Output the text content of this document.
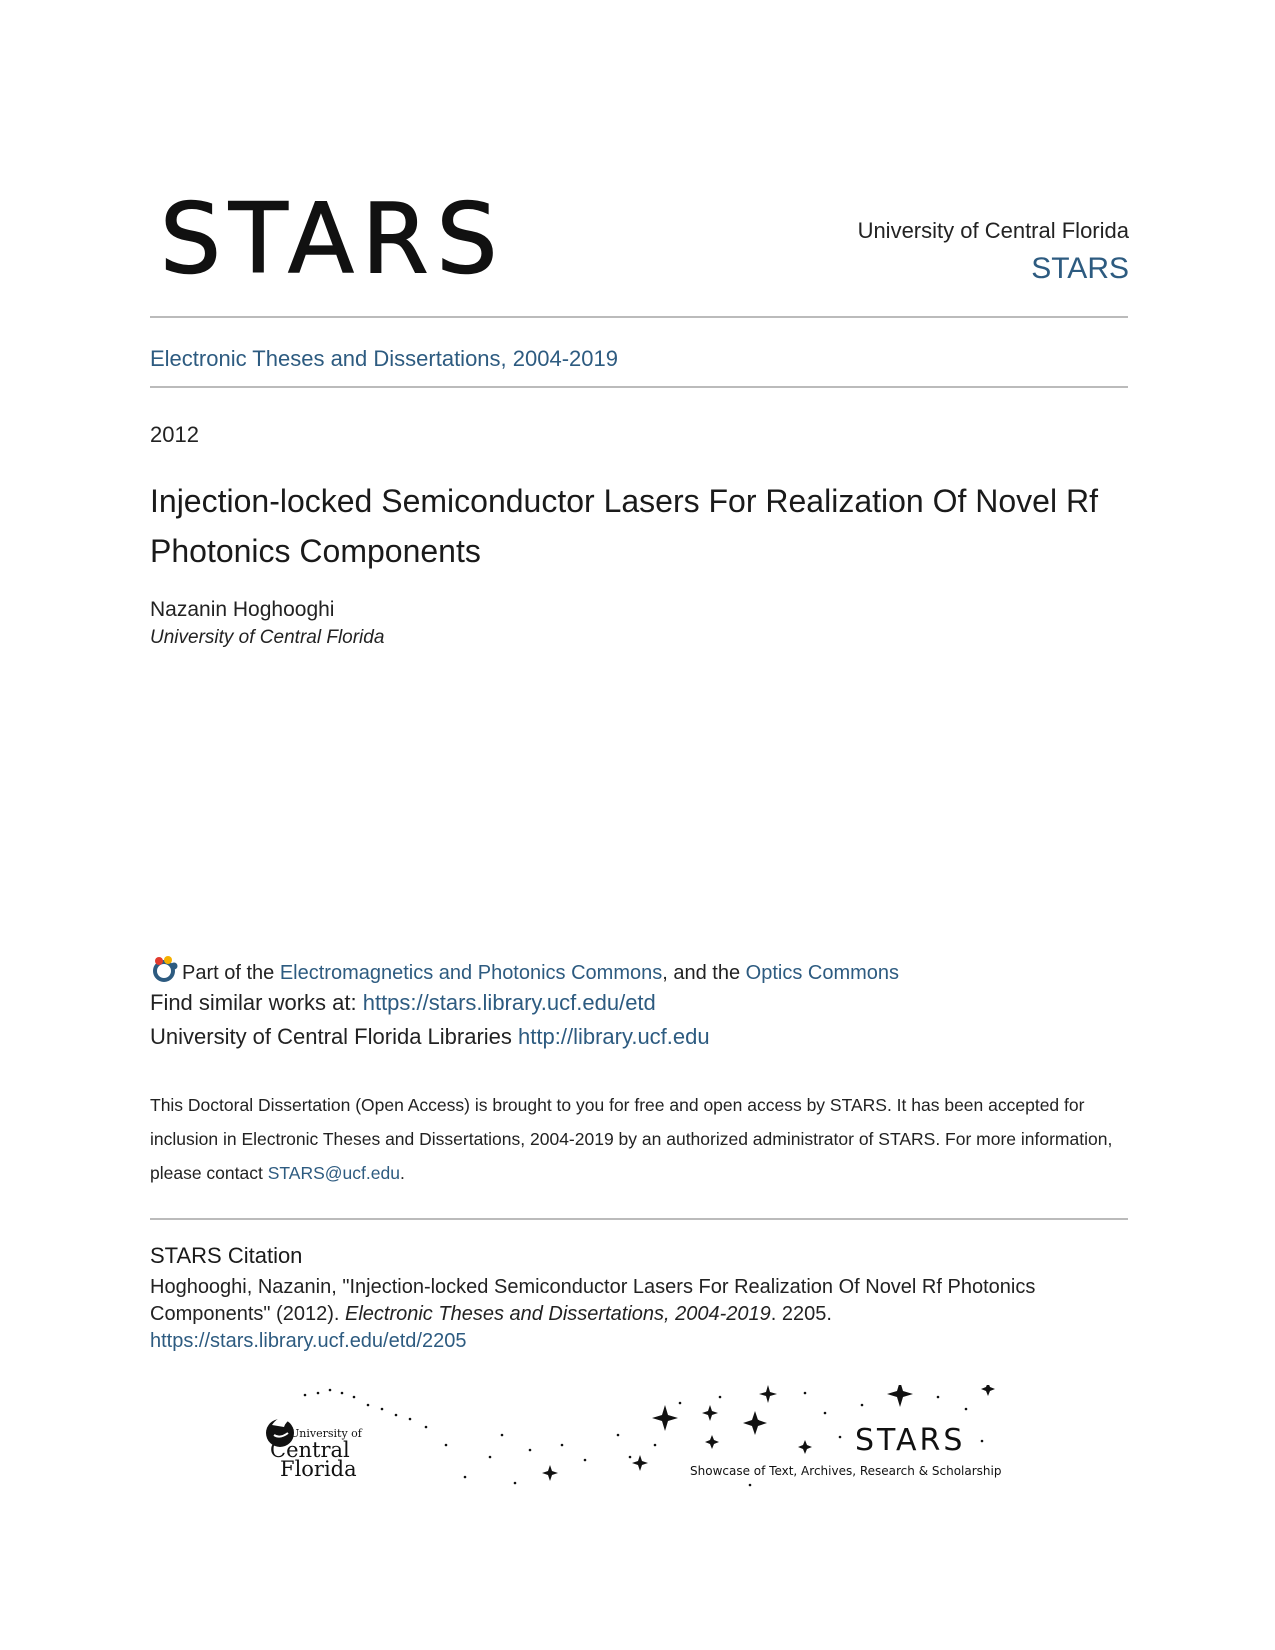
STARS	University of Central Florida
STARS
Electronic Theses and Dissertations, 2004-2019
2012
Injection-locked Semiconductor Lasers For Realization Of Novel Rf Photonics Components
Nazanin Hoghooghi
University of Central Florida
Part of the Electromagnetics and Photonics Commons, and the Optics Commons
Find similar works at: https://stars.library.ucf.edu/etd
University of Central Florida Libraries http://library.ucf.edu
This Doctoral Dissertation (Open Access) is brought to you for free and open access by STARS. It has been accepted for inclusion in Electronic Theses and Dissertations, 2004-2019 by an authorized administrator of STARS. For more information, please contact STARS@ucf.edu.
STARS Citation
Hoghooghi, Nazanin, "Injection-locked Semiconductor Lasers For Realization Of Novel Rf Photonics Components" (2012). Electronic Theses and Dissertations, 2004-2019. 2205.
https://stars.library.ucf.edu/etd/2205
University of
Central
Florida
STARS
Showcase of Text, Archives, Research & Scholarship
